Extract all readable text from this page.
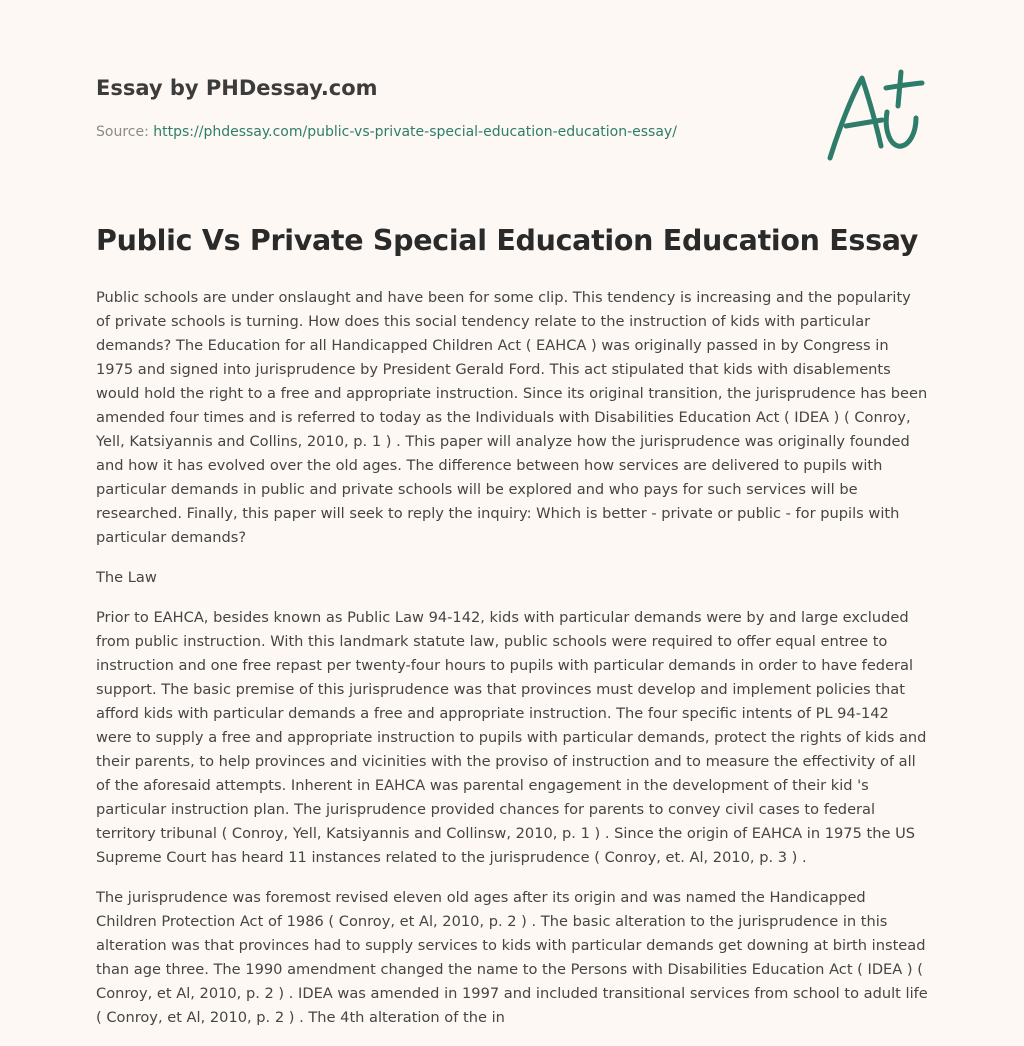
Essay by PHDessay.com
Source: https://phdessay.com/public-vs-private-special-education-education-essay/
Public Vs Private Special Education Education Essay

Public schools are under onslaught and have been for some clip. This tendency is increasing and the popularity of private schools is turning. How does this social tendency relate to the instruction of kids with particular demands? The Education for all Handicapped Children Act ( EAHCA ) was originally passed in by Congress in 1975 and signed into jurisprudence by President Gerald Ford. This act stipulated that kids with disablements would hold the right to a free and appropriate instruction. Since its original transition, the jurisprudence has been amended four times and is referred to today as the Individuals with Disabilities Education Act ( IDEA ) ( Conroy, Yell, Katsiyannis and Collins, 2010, p. 1 ) . This paper will analyze how the jurisprudence was originally founded and how it has evolved over the old ages. The difference between how services are delivered to pupils with particular demands in public and private schools will be explored and who pays for such services will be researched. Finally, this paper will seek to reply the inquiry: Which is better - private or public - for pupils with particular demands?

The Law

Prior to EAHCA, besides known as Public Law 94-142, kids with particular demands were by and large excluded from public instruction. With this landmark statute law, public schools were required to offer equal entree to instruction and one free repast per twenty-four hours to pupils with particular demands in order to have federal support. The basic premise of this jurisprudence was that provinces must develop and implement policies that afford kids with particular demands a free and appropriate instruction. The four specific intents of PL 94-142 were to supply a free and appropriate instruction to pupils with particular demands, protect the rights of kids and their parents, to help provinces and vicinities with the proviso of instruction and to measure the effectivity of all of the aforesaid attempts. Inherent in EAHCA was parental engagement in the development of their kid 's particular instruction plan. The jurisprudence provided chances for parents to convey civil cases to federal territory tribunal ( Conroy, Yell, Katsiyannis and Collinsw, 2010, p. 1 ) . Since the origin of EAHCA in 1975 the US Supreme Court has heard 11 instances related to the jurisprudence ( Conroy, et. Al, 2010, p. 3 ) .

The jurisprudence was foremost revised eleven old ages after its origin and was named the Handicapped Children Protection Act of 1986 ( Conroy, et Al, 2010, p. 2 ) . The basic alteration to the jurisprudence in this alteration was that provinces had to supply services to kids with particular demands get downing at birth instead than age three. The 1990 amendment changed the name to the Persons with Disabilities Education Act ( IDEA ) ( Conroy, et Al, 2010, p. 2 ) . IDEA was amended in 1997 and included transitional services from school to adult life ( Conroy, et Al, 2010, p. 2 ) . The 4th alteration of the in
